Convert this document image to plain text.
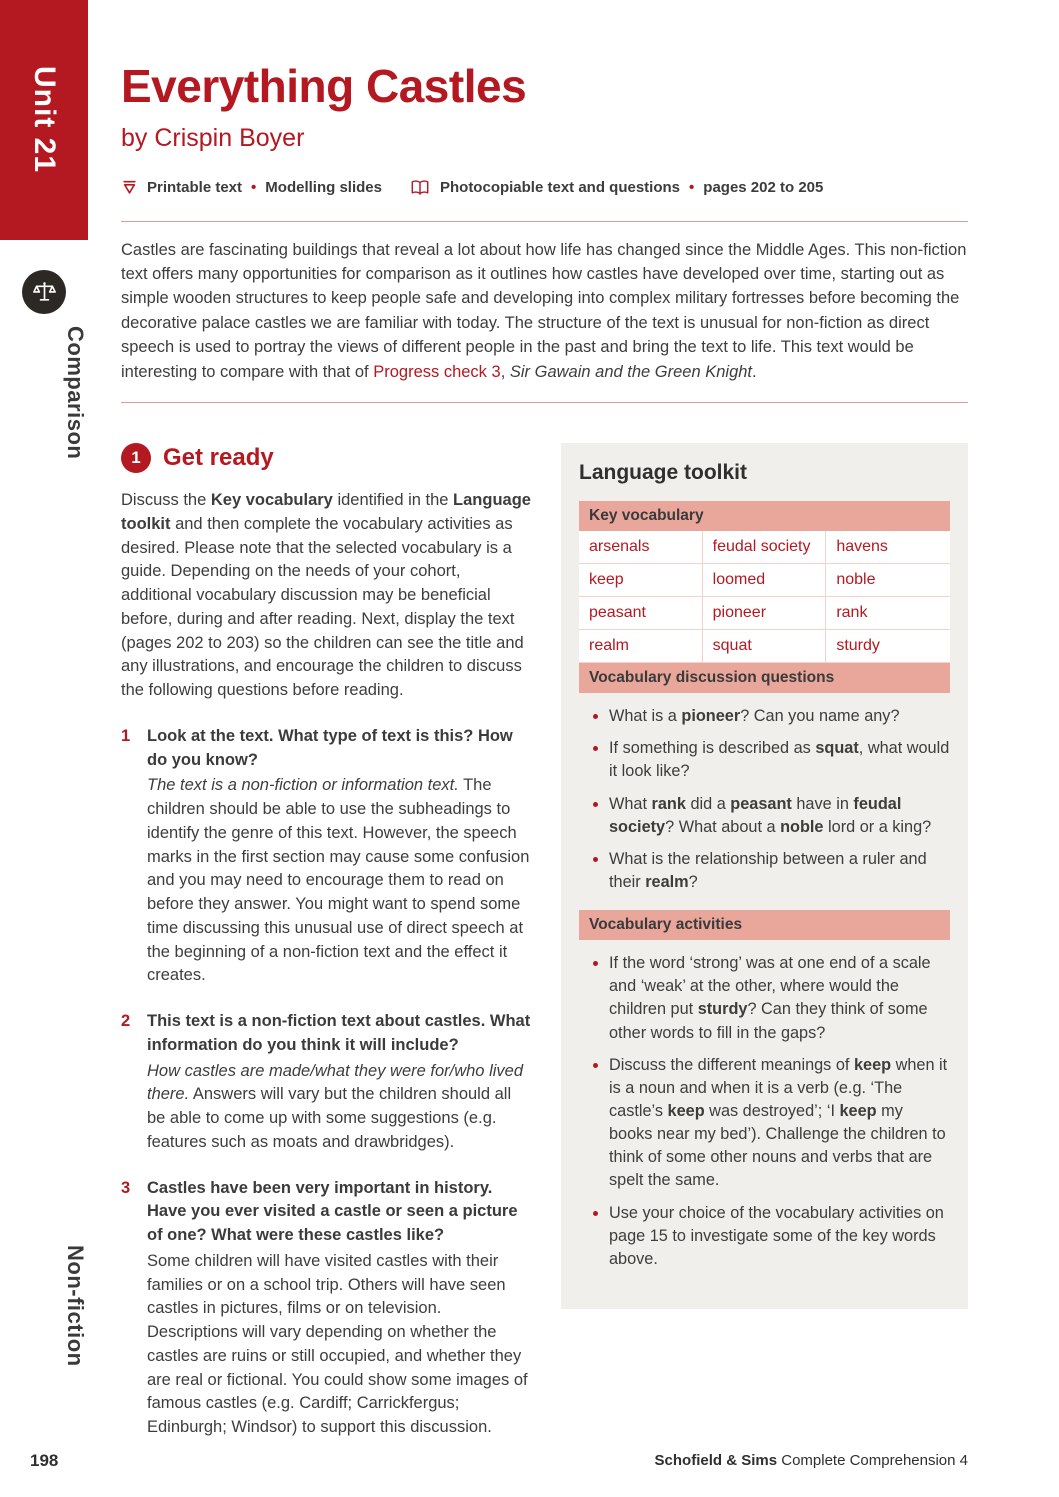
Unit 21
Comparison
Non-fiction
198
Everything Castles
by Crispin Boyer
Printable text • Modelling slides	Photocopiable text and questions • pages 202 to 205

Castles are fascinating buildings that reveal a lot about how life has changed since the Middle Ages. This non-fiction text offers many opportunities for comparison as it outlines how castles have developed over time, starting out as simple wooden structures to keep people safe and developing into complex military fortresses before becoming the decorative palace castles we are familiar with today. The structure of the text is unusual for non-fiction as direct speech is used to portray the views of different people in the past and bring the text to life. This text would be interesting to compare with that of Progress check 3, Sir Gawain and the Green Knight.

1 Get ready

Discuss the Key vocabulary identified in the Language toolkit and then complete the vocabulary activities as desired. Please note that the selected vocabulary is a guide. Depending on the needs of your cohort, additional vocabulary discussion may be beneficial before, during and after reading. Next, display the text (pages 202 to 203) so the children can see the title and any illustrations, and encourage the children to discuss the following questions before reading.

1	Look at the text. What type of text is this? How do you know?

The text is a non-fiction or information text. The children should be able to use the subheadings to identify the genre of this text. However, the speech marks in the first section may cause some confusion and you may need to encourage them to read on before they answer. You might want to spend some time discussing this unusual use of direct speech at the beginning of a non-fiction text and the effect it creates.

2	This text is a non-fiction text about castles. What information do you think it will include?

How castles are made/what they were for/who lived there. Answers will vary but the children should all be able to come up with some suggestions (e.g. features such as moats and drawbridges).

3	Castles have been very important in history. Have you ever visited a castle or seen a picture of one? What were these castles like?

Some children will have visited castles with their families or on a school trip. Others will have seen castles in pictures, films or on television. Descriptions will vary depending on whether the castles are ruins or still occupied, and whether they are real or fictional. You could show some images of famous castles (e.g. Cardiff; Carrickfergus; Edinburgh; Windsor) to support this discussion.

Language toolkit
Key vocabulary
arsenals	feudal society	havens
keep	loomed	noble
peasant	pioneer	rank
realm	squat	sturdy
Vocabulary discussion questions
• What is a pioneer? Can you name any?
• If something is described as squat, what would it look like?
• What rank did a peasant have in feudal society? What about a noble lord or a king?
• What is the relationship between a ruler and their realm?
Vocabulary activities
• If the word ‘strong’ was at one end of a scale and ‘weak’ at the other, where would the children put sturdy? Can they think of some other words to fill in the gaps?
• Discuss the different meanings of keep when it is a noun and when it is a verb (e.g. ‘The castle’s keep was destroyed’; ‘I keep my books near my bed’). Challenge the children to think of some other nouns and verbs that are spelt the same.
• Use your choice of the vocabulary activities on page 15 to investigate some of the key words above.
Schofield & Sims Complete Comprehension 4
